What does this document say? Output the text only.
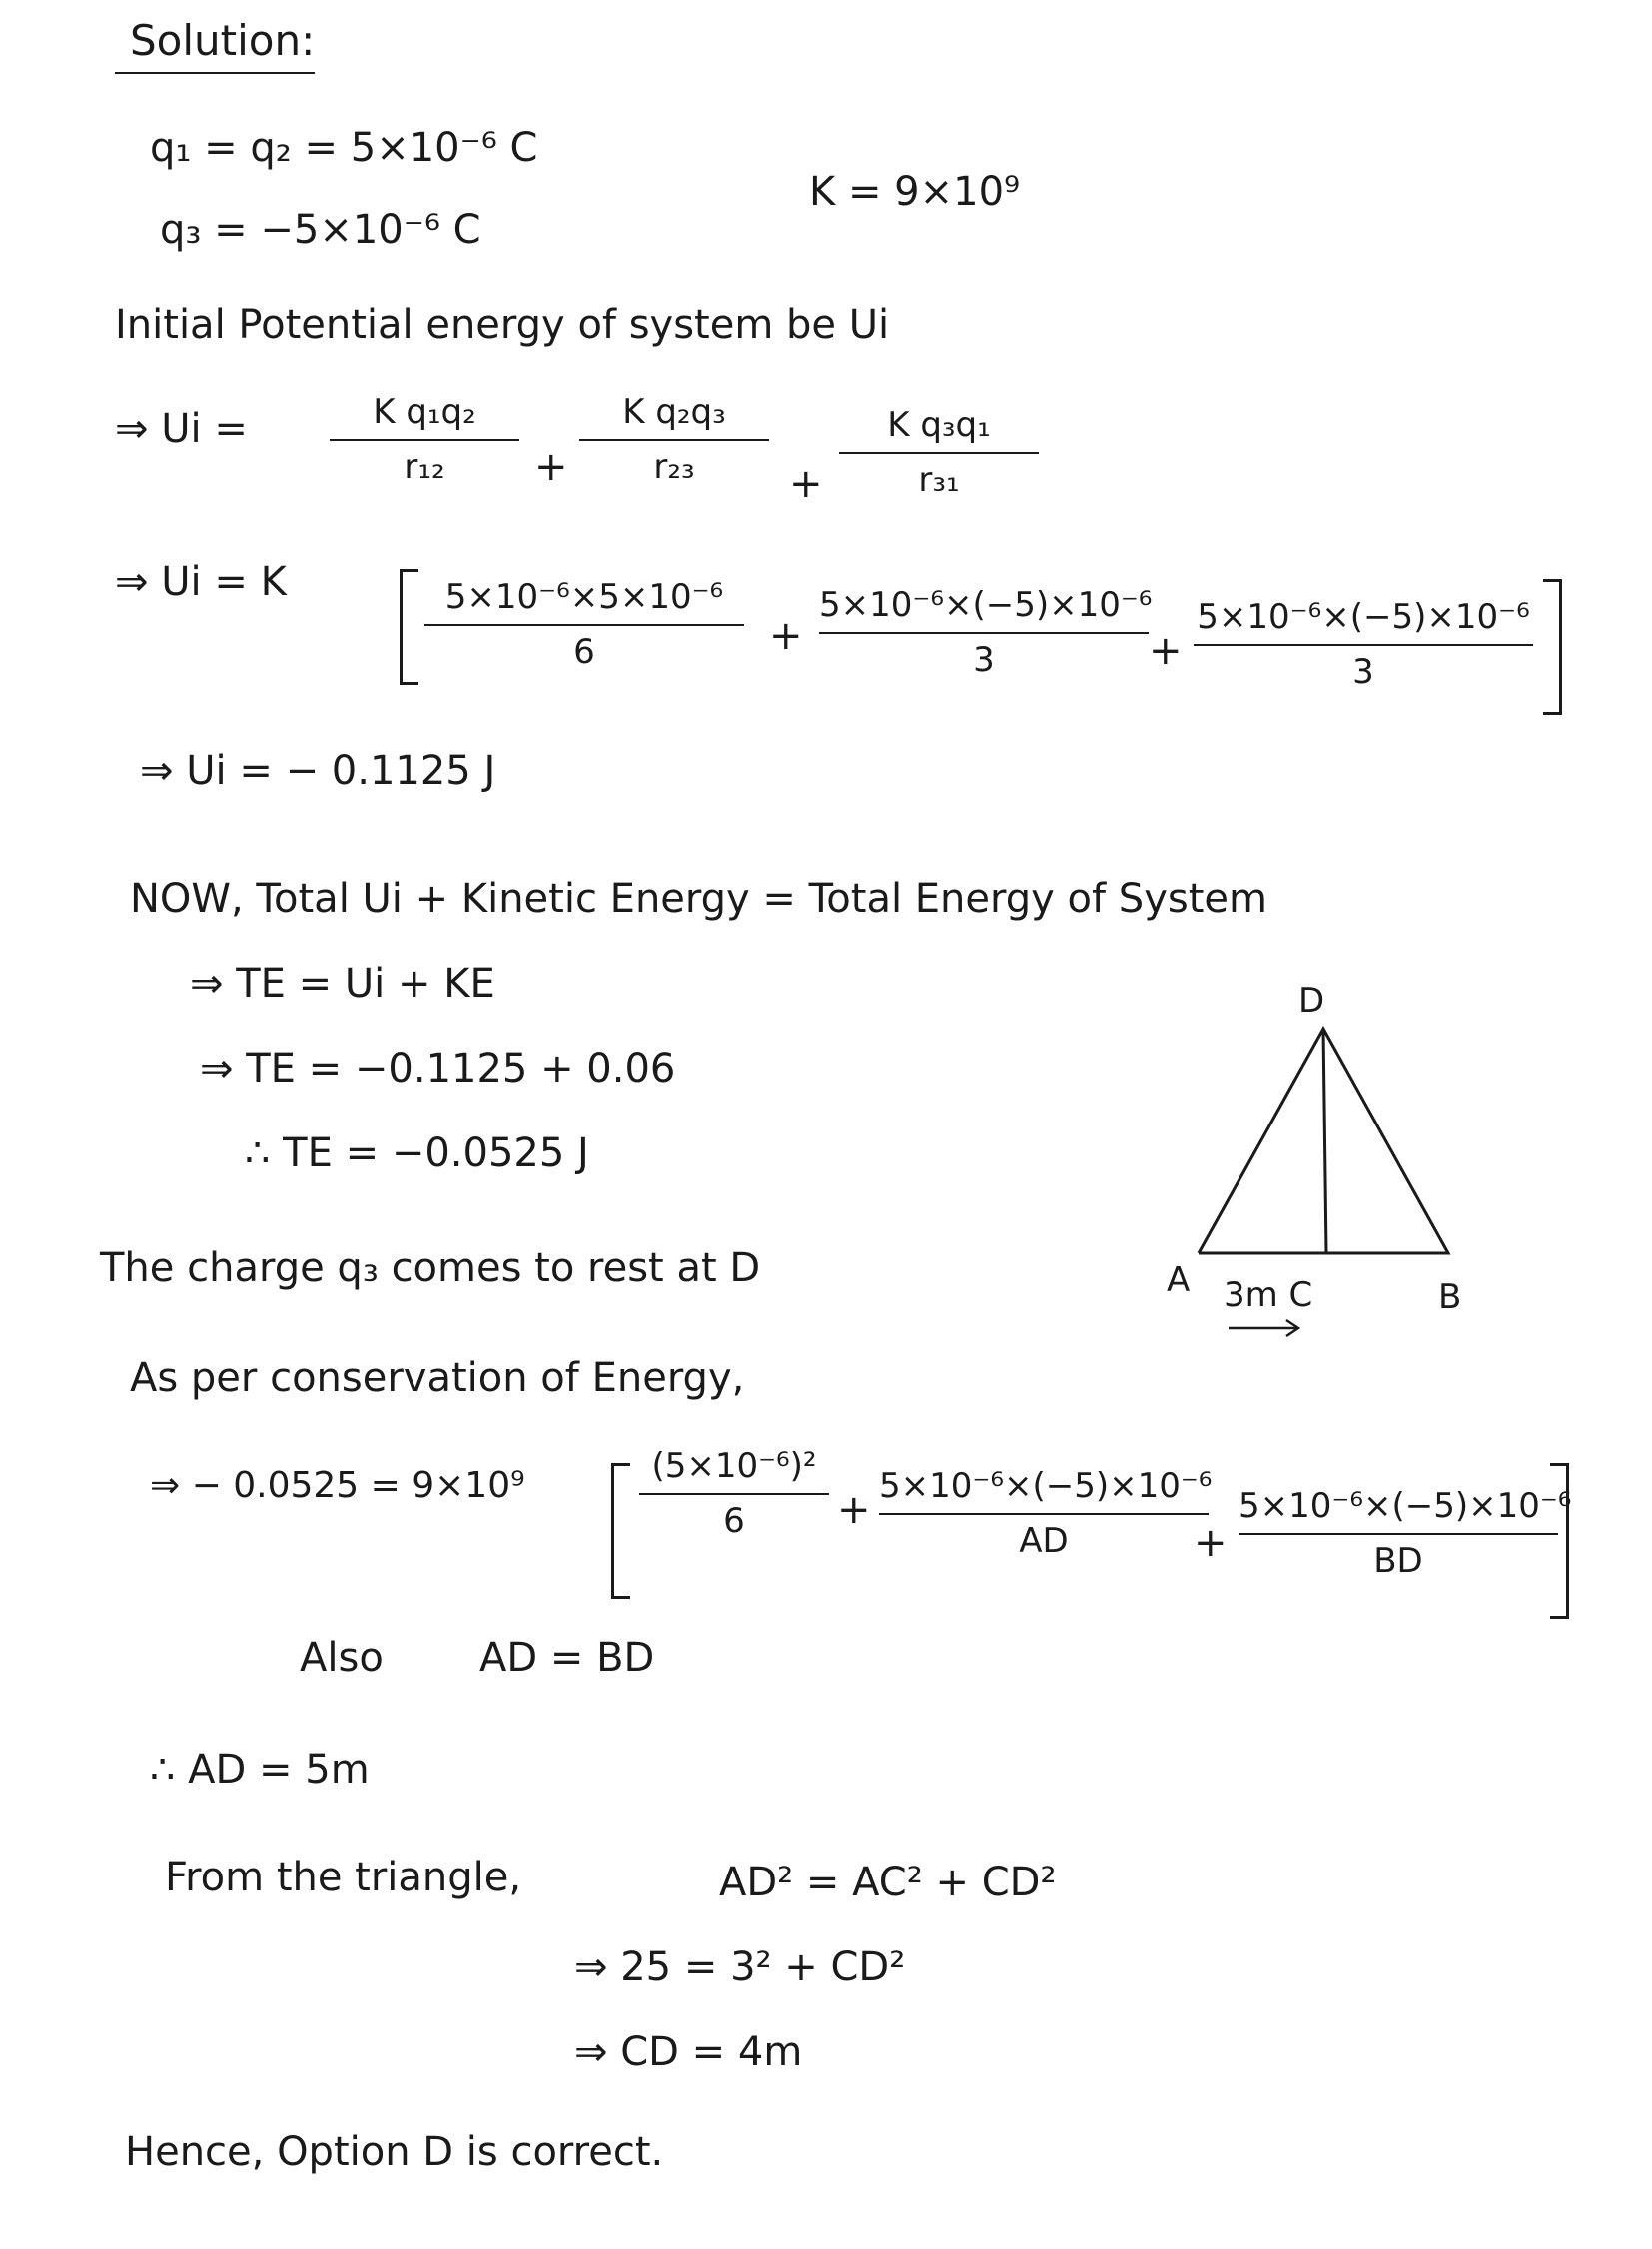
Solution:
q₁ = q₂ = 5×10⁻⁶ C
q₃ = −5×10⁻⁶ C
K = 9×10⁹
Initial Potential energy of system be Ui
⇒ Ui =	K q₁q₂
r₁₂	+
K q₂q₃
r₂₃	+
K q₃q₁
r₃₁
⇒ Ui = K	5×10⁻⁶×5×10⁻⁶
6	+
5×10⁻⁶×(−5)×10⁻⁶
3	+
5×10⁻⁶×(−5)×10⁻⁶
3
⇒ Ui = − 0.1125 J
NOW, Total Ui + Kinetic Energy = Total Energy of System
⇒ TE = Ui + KE
⇒ TE = −0.1125 + 0.06
∴ TE = −0.0525 J
The charge q₃ comes to rest at D
D
A 3m C	B
As per conservation of Energy,
⇒ − 0.0525 = 9×10⁹	(5×10⁻⁶)²
6	+
5×10⁻⁶×(−5)×10⁻⁶
AD	+
5×10⁻⁶×(−5)×10⁻⁶
BD
Also AD = BD
∴ AD = 5m
From the triangle,	AD² = AC² + CD²
⇒ 25 = 3² + CD²
⇒ CD = 4m
Hence, Option D is correct.
